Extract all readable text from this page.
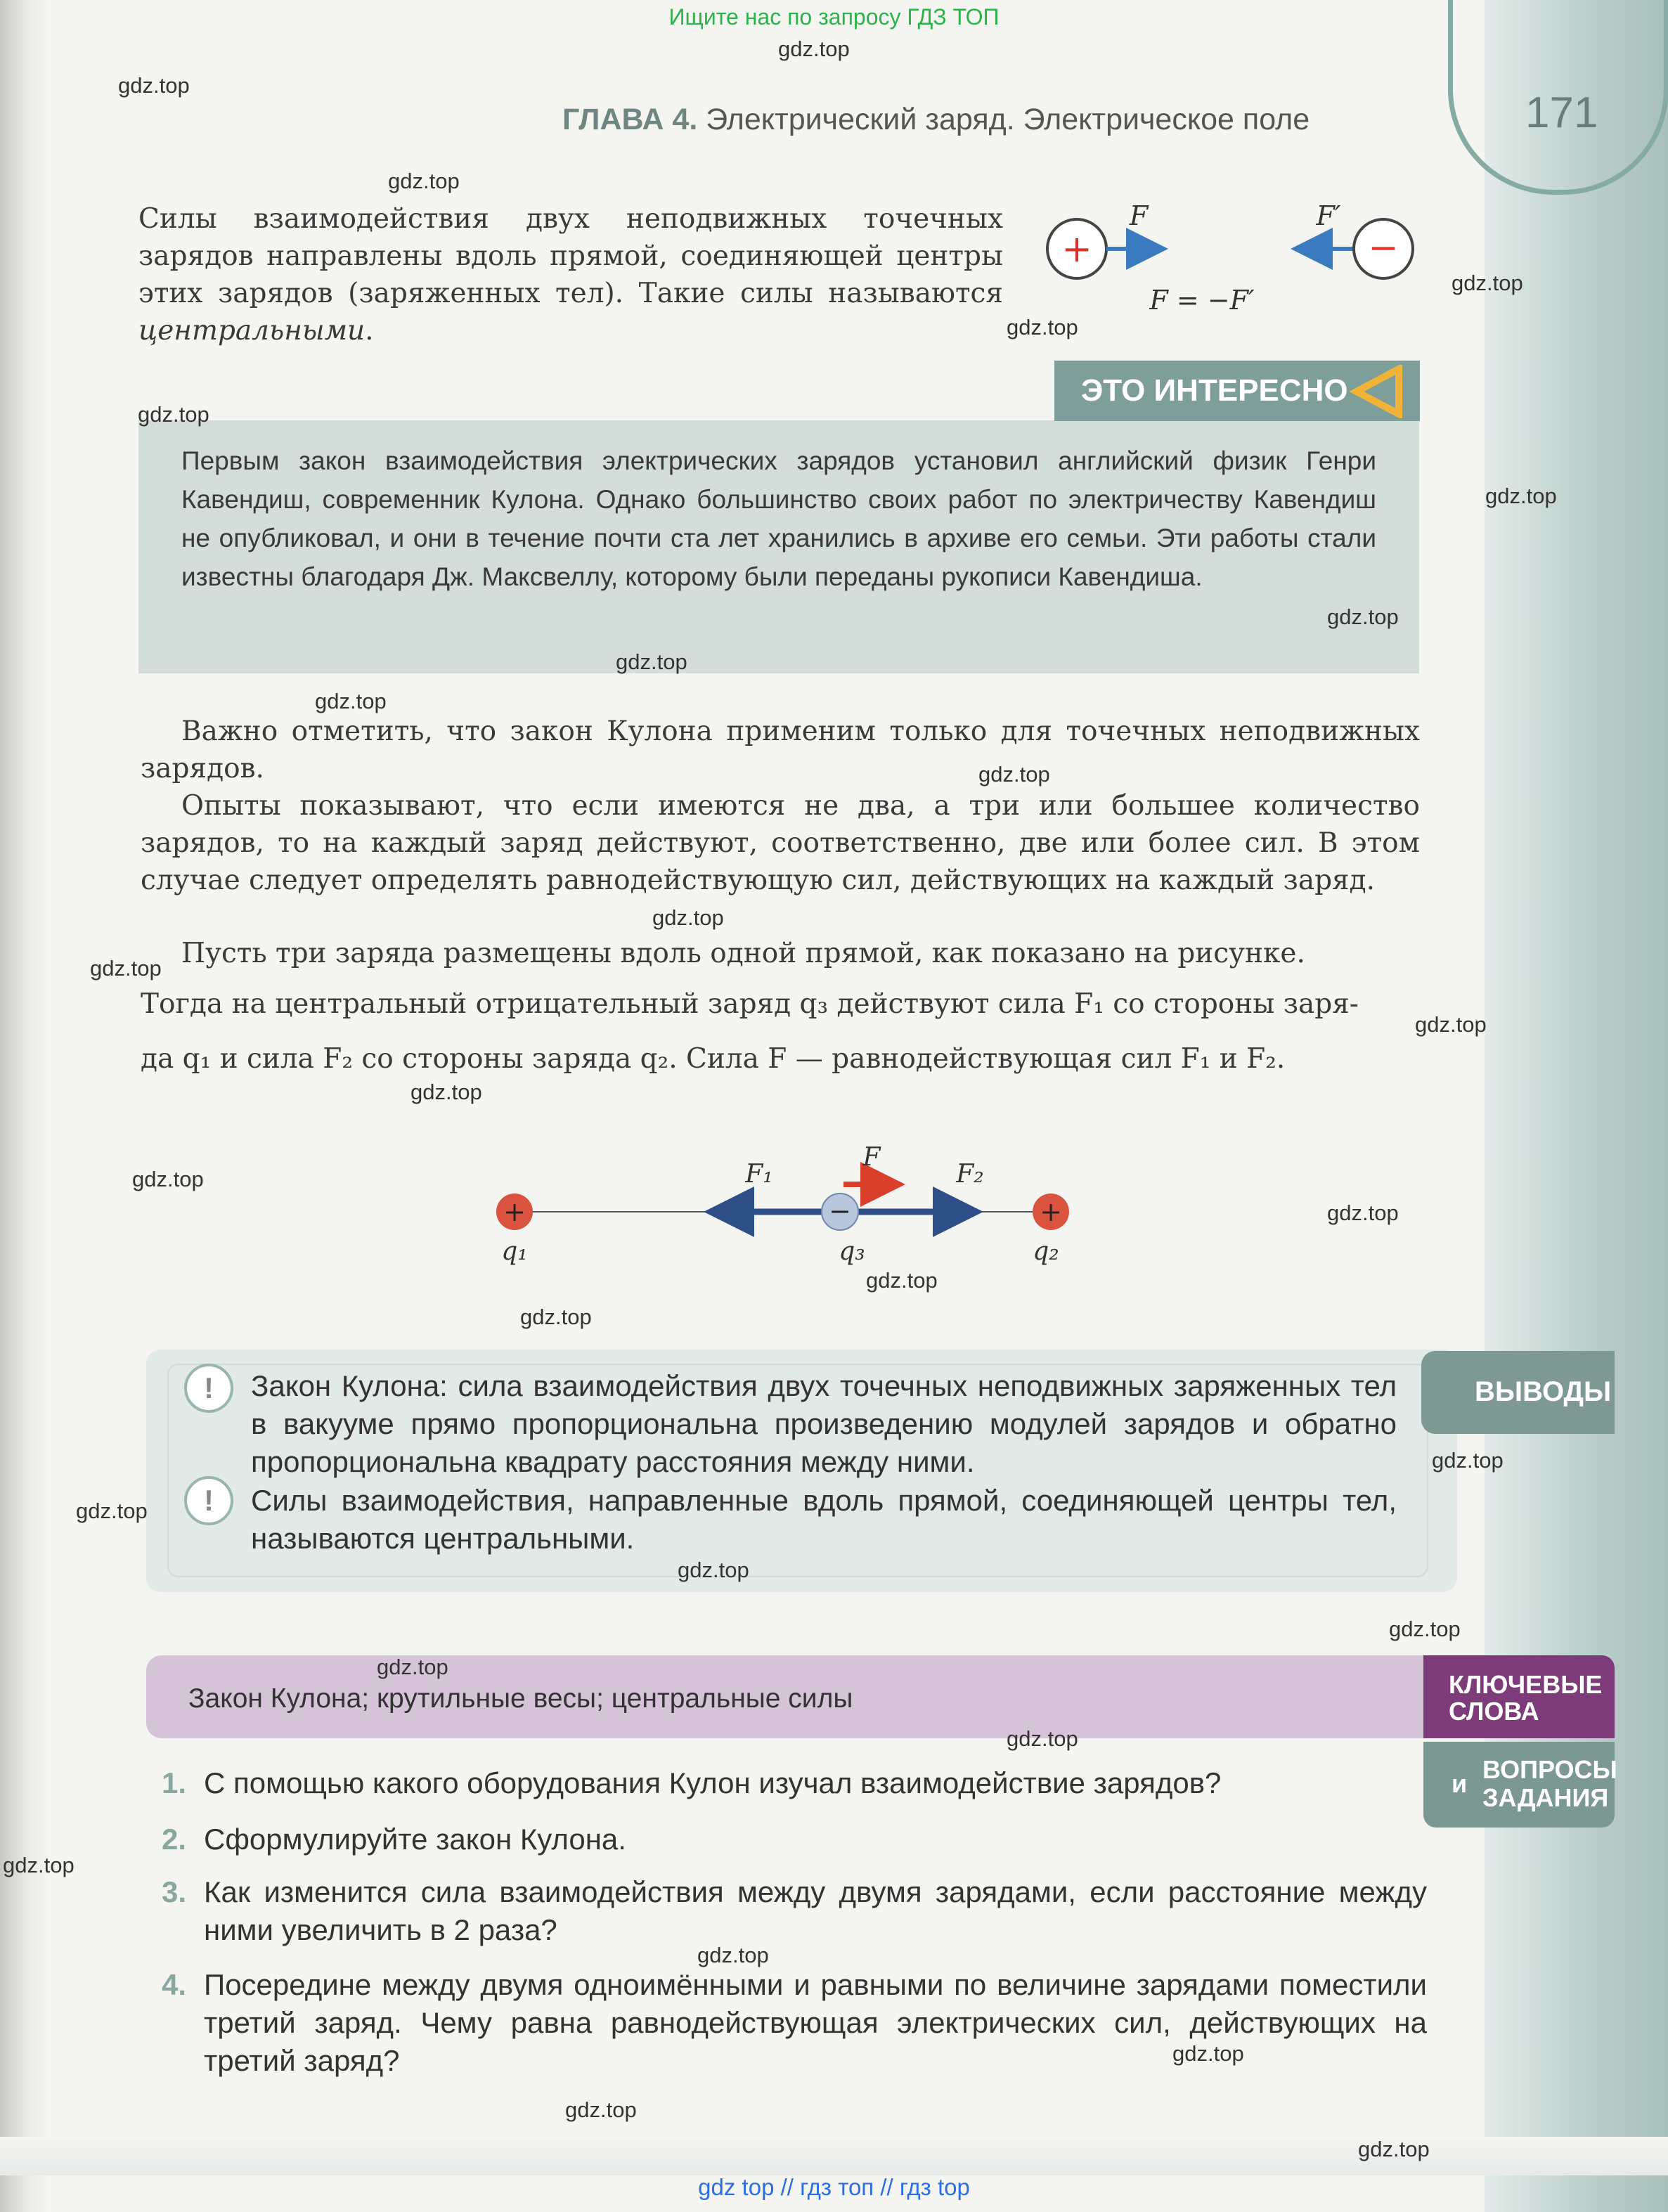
Ищите нас по запросу ГДЗ ТОП
ГЛАВА 4. Электрический заряд. Электрическое поле	171
Силы взаимодействия двух неподвижных точечных зарядов направлены вдоль прямой, соединяющей центры этих зарядов (заряженных тел). Такие силы называются центральными.
+
F	F′
−
F = −F′
ЭТО ИНТЕРЕСНО
Первым закон взаимодействия электрических зарядов установил английский физик Генри Кавендиш, современник Кулона. Однако большинство своих работ по электричеству Кавендиш не опубликовал, и они в течение почти ста лет хранились в архиве его семьи. Эти работы стали известны благодаря Дж. Максвеллу, которому были переданы рукописи Кавендиша.
Важно отметить, что закон Кулона применим только для точечных неподвижных зарядов.
Опыты показывают, что если имеются не два, а три или большее количество зарядов, то на каждый заряд действуют, соответственно, две или более сил. В этом случае следует определять равнодействующую сил, действующих на каждый заряд.
Пусть три заряда размещены вдоль одной прямой, как показано на рисунке.
Тогда на центральный отрицательный заряд q₃ действуют сила F₁ со стороны заря-
да q₁ и сила F₂ со стороны заряда q₂. Сила F — равнодействующая сил F₁ и F₂.
+	−	+
q₁	q₃	q₂
F₁
F
F₂
ВЫВОДЫ
!	Закон Кулона: сила взаимодействия двух точечных неподвижных заряженных тел в вакууме прямо пропорциональна произведению модулей зарядов и обратно пропорциональна квадрату расстояния между ними.
!	Силы взаимодействия, направленные вдоль прямой, соединяющей центры тел, называются центральными.
Закон Кулона; крутильные весы; центральные силы	КЛЮЧЕВЫЕ
СЛОВА
и ВОПРОСЫ
ЗАДАНИЯ
1. С помощью какого оборудования Кулон изучал взаимодействие зарядов?
2. Сформулируйте закон Кулона.
3. Как изменится сила взаимодействия между двумя зарядами, если расстояние между ними увеличить в 2 раза?
4. Посередине между двумя одноимёнными и равными по величине зарядами поместили третий заряд. Чему равна равнодействующая электрических сил, действующих на третий заряд?
gdz.top
gdz.top
gdz.top
gdz.top
gdz.top
gdz.top
gdz.top
gdz.top
gdz.top
gdz.top
gdz.top
gdz.top
gdz.top
gdz.top
gdz.top
gdz.top
gdz.top
gdz.top
gdz.top
gdz.top
gdz.top
gdz.top
gdz.top
gdz.top
gdz.top
gdz.top
gdz.top
gdz.top
gdz.top
gdz.top
gdz top // гдз топ // гдз top
